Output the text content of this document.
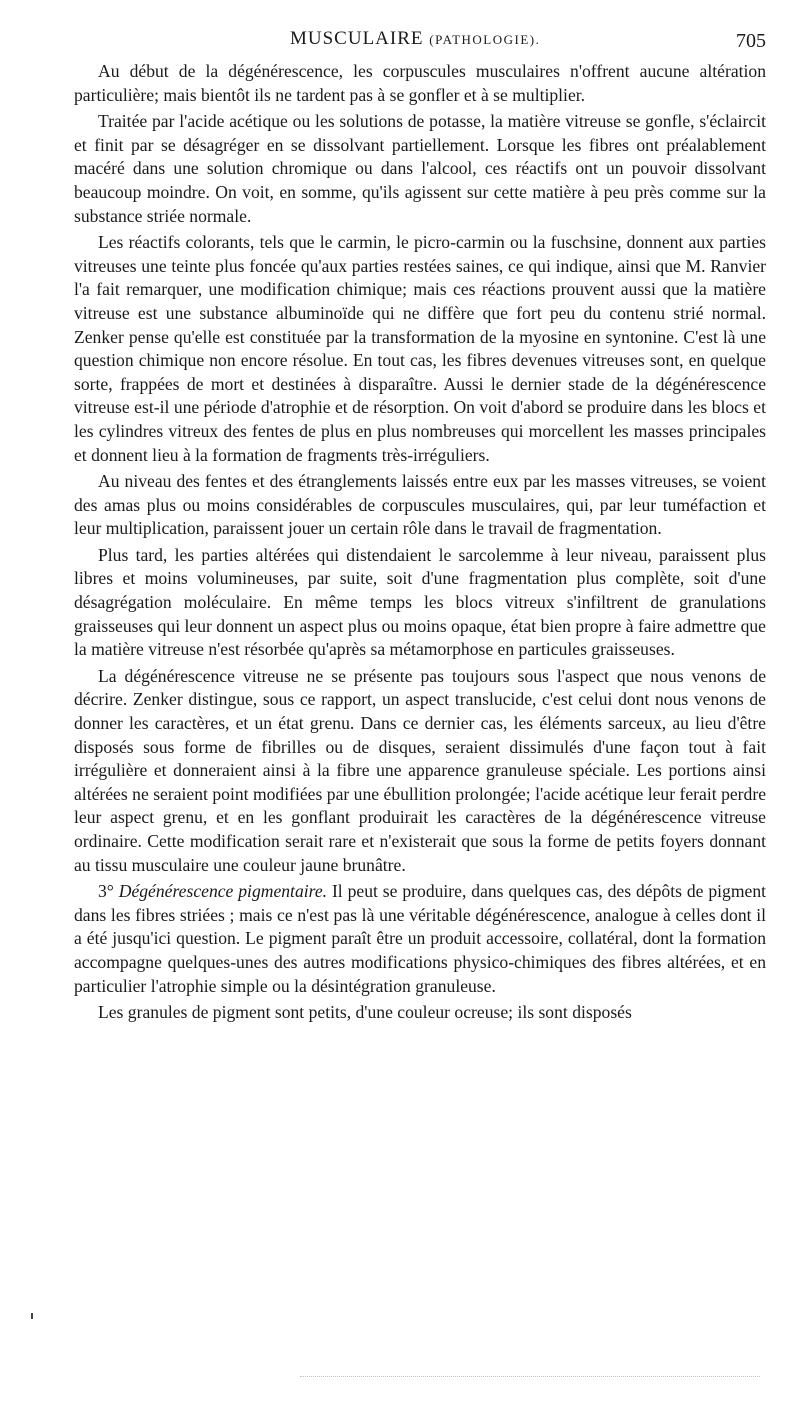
MUSCULAIRE (PATHOLOGIE).	705

Au début de la dégénérescence, les corpuscules musculaires n'offrent aucune altération particulière; mais bientôt ils ne tardent pas à se gonfler et à se multiplier.

Traitée par l'acide acétique ou les solutions de potasse, la matière vitreuse se gonfle, s'éclaircit et finit par se désagréger en se dissolvant partiellement. Lorsque les fibres ont préalablement macéré dans une solution chromique ou dans l'alcool, ces réactifs ont un pouvoir dissolvant beaucoup moindre. On voit, en somme, qu'ils agissent sur cette matière à peu près comme sur la substance striée normale.

Les réactifs colorants, tels que le carmin, le picro-carmin ou la fuschsine, donnent aux parties vitreuses une teinte plus foncée qu'aux parties restées saines, ce qui indique, ainsi que M. Ranvier l'a fait remarquer, une modification chimique; mais ces réactions prouvent aussi que la matière vitreuse est une substance albuminoïde qui ne diffère que fort peu du contenu strié normal. Zenker pense qu'elle est constituée par la transformation de la myosine en syntonine. C'est là une question chimique non encore résolue. En tout cas, les fibres devenues vitreuses sont, en quelque sorte, frappées de mort et destinées à disparaître. Aussi le dernier stade de la dégénérescence vitreuse est-il une période d'atrophie et de résorption. On voit d'abord se produire dans les blocs et les cylindres vitreux des fentes de plus en plus nombreuses qui morcellent les masses principales et donnent lieu à la formation de fragments très-irréguliers.

Au niveau des fentes et des étranglements laissés entre eux par les masses vitreuses, se voient des amas plus ou moins considérables de corpuscules musculaires, qui, par leur tuméfaction et leur multiplication, paraissent jouer un certain rôle dans le travail de fragmentation.

Plus tard, les parties altérées qui distendaient le sarcolemme à leur niveau, paraissent plus libres et moins volumineuses, par suite, soit d'une fragmentation plus complète, soit d'une désagrégation moléculaire. En même temps les blocs vitreux s'infiltrent de granulations graisseuses qui leur donnent un aspect plus ou moins opaque, état bien propre à faire admettre que la matière vitreuse n'est résorbée qu'après sa métamorphose en particules graisseuses.

La dégénérescence vitreuse ne se présente pas toujours sous l'aspect que nous venons de décrire. Zenker distingue, sous ce rapport, un aspect translucide, c'est celui dont nous venons de donner les caractères, et un état grenu. Dans ce dernier cas, les éléments sarceux, au lieu d'être disposés sous forme de fibrilles ou de disques, seraient dissimulés d'une façon tout à fait irrégulière et donneraient ainsi à la fibre une apparence granuleuse spéciale. Les portions ainsi altérées ne seraient point modifiées par une ébullition prolongée; l'acide acétique leur ferait perdre leur aspect grenu, et en les gonflant produirait les caractères de la dégénérescence vitreuse ordinaire. Cette modification serait rare et n'existerait que sous la forme de petits foyers donnant au tissu musculaire une couleur jaune brunâtre.

3° Dégénérescence pigmentaire. Il peut se produire, dans quelques cas, des dépôts de pigment dans les fibres striées ; mais ce n'est pas là une véritable dégénérescence, analogue à celles dont il a été jusqu'ici question. Le pigment paraît être un produit accessoire, collatéral, dont la formation accompagne quelques-unes des autres modifications physico-chimiques des fibres altérées, et en particulier l'atrophie simple ou la désintégration granuleuse.

Les granules de pigment sont petits, d'une couleur ocreuse; ils sont disposés
